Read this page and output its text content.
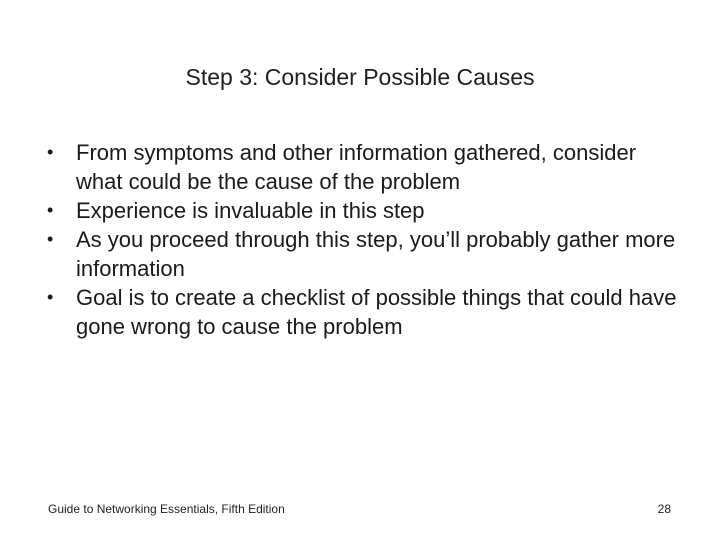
Step 3: Consider Possible Causes
•	From symptoms and other information gathered, consider what could be the cause of the problem
•	Experience is invaluable in this step
•	As you proceed through this step, you’ll probably gather more information
•	Goal is to create a checklist of possible things that could have gone wrong to cause the problem
Guide to Networking Essentials, Fifth Edition	28
